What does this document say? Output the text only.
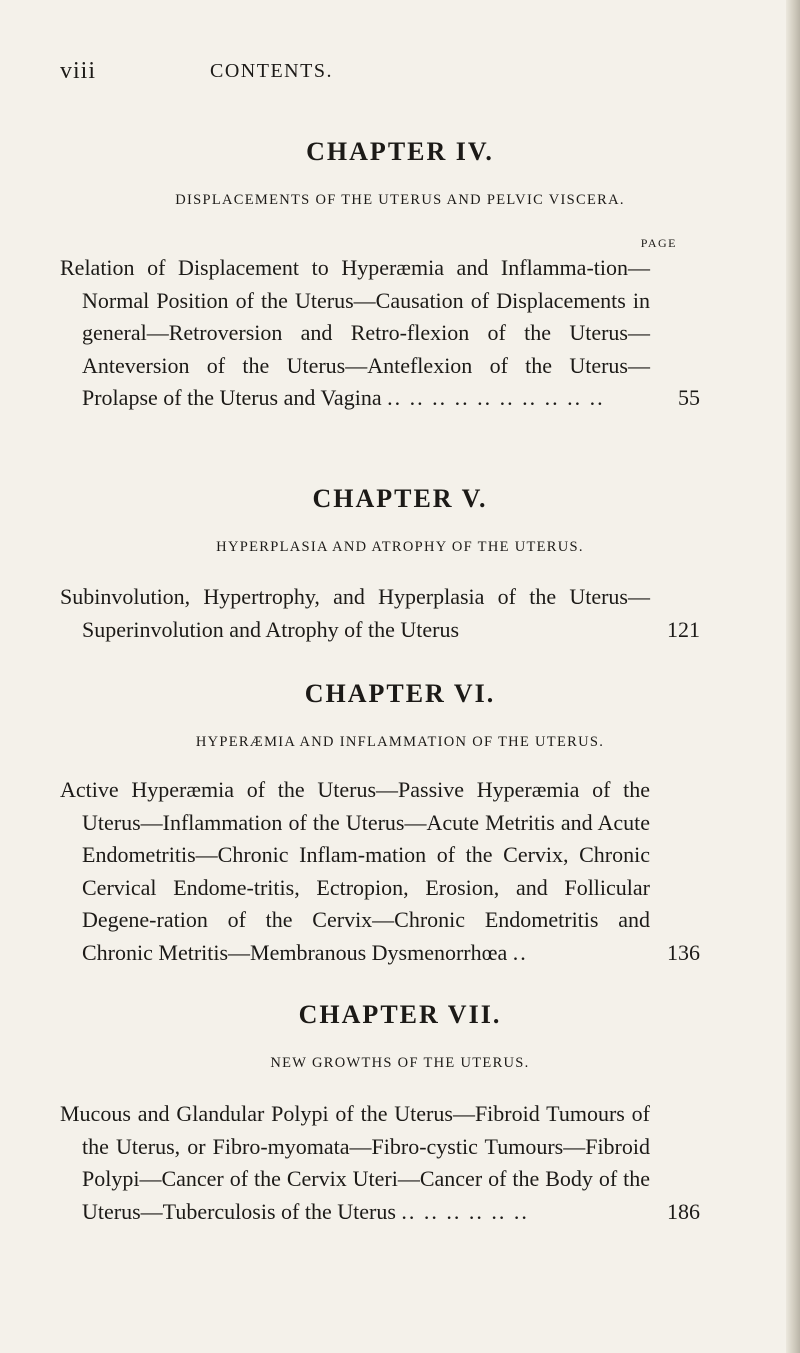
viii	CONTENTS.
CHAPTER IV.

DISPLACEMENTS OF THE UTERUS AND PELVIC VISCERA.

PAGE
Relation of Displacement to Hyperæmia and Inflamma-tion—Normal Position of the Uterus—Causation of Displacements in general—Retroversion and Retro-flexion of the Uterus—Anteversion of the Uterus—Anteflexion of the Uterus—Prolapse of the Uterus and Vagina .. .. .. .. .. .. .. .. .. ..	55
CHAPTER V.

HYPERPLASIA AND ATROPHY OF THE UTERUS.

Subinvolution, Hypertrophy, and Hyperplasia of the Uterus—Superinvolution and Atrophy of the Uterus	121
CHAPTER VI.

HYPERÆMIA AND INFLAMMATION OF THE UTERUS.

Active Hyperæmia of the Uterus—Passive Hyperæmia of the Uterus—Inflammation of the Uterus—Acute Metritis and Acute Endometritis—Chronic Inflam-mation of the Cervix, Chronic Cervical Endome-tritis, Ectropion, Erosion, and Follicular Degene-ration of the Cervix—Chronic Endometritis and Chronic Metritis—Membranous Dysmenorrhœa ..	136
CHAPTER VII.

NEW GROWTHS OF THE UTERUS.

Mucous and Glandular Polypi of the Uterus—Fibroid Tumours of the Uterus, or Fibro-myomata—Fibro-cystic Tumours—Fibroid Polypi—Cancer of the Cervix Uteri—Cancer of the Body of the Uterus—Tuberculosis of the Uterus .. .. .. .. .. ..	186
